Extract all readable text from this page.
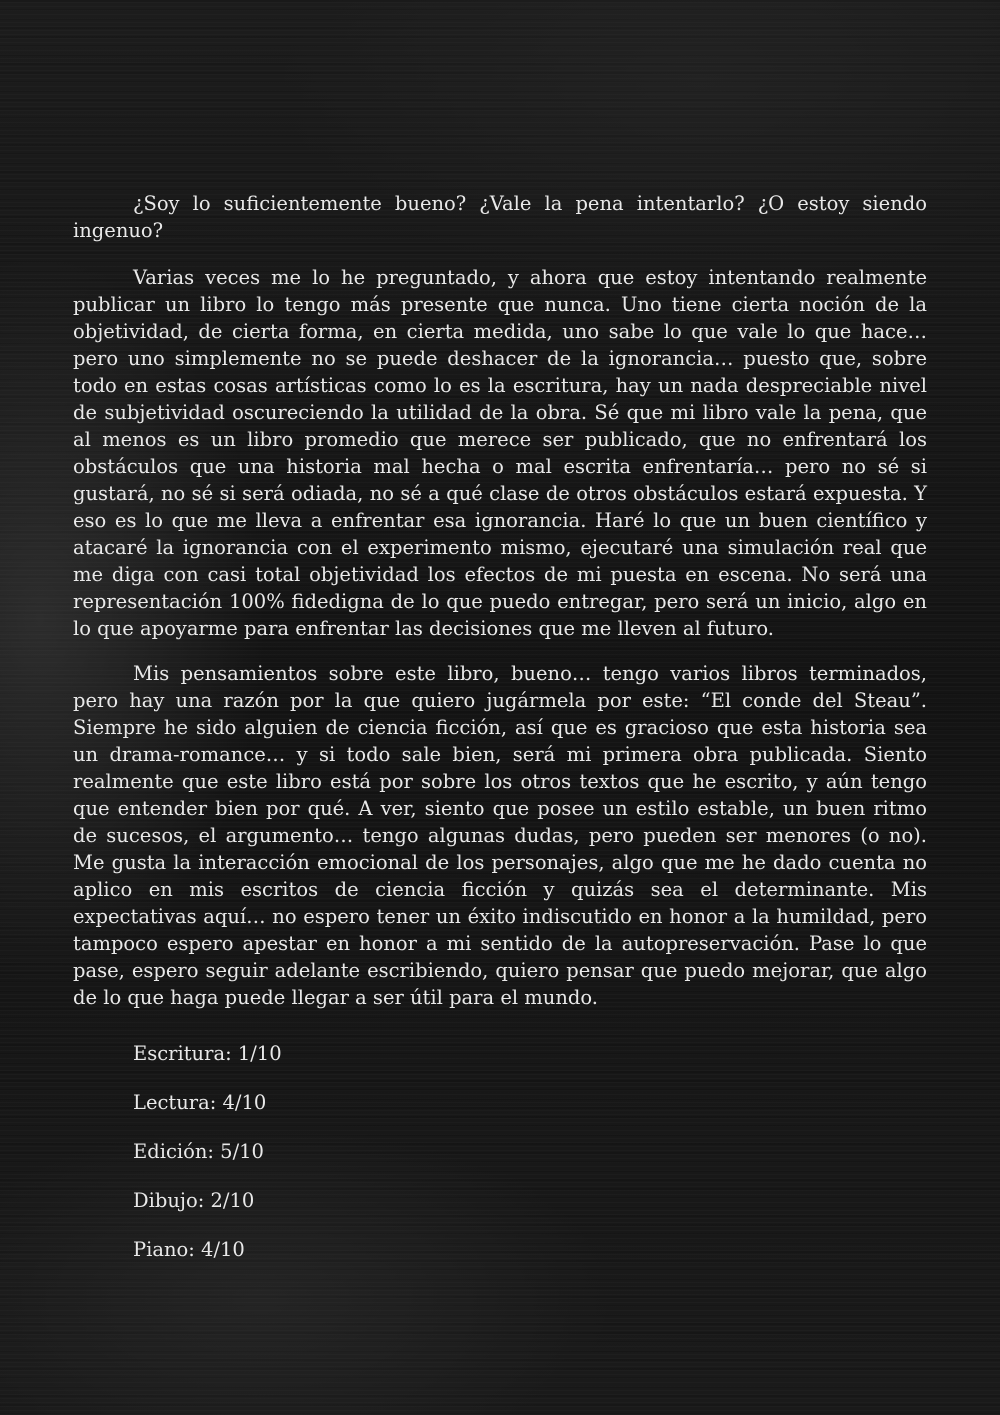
¿Soy lo suficientemente bueno? ¿Vale la pena intentarlo? ¿O estoy siendo ingenuo?

Varias veces me lo he preguntado, y ahora que estoy intentando realmente publicar un libro lo tengo más presente que nunca. Uno tiene cierta noción de la objetividad, de cierta forma, en cierta medida, uno sabe lo que vale lo que hace… pero uno simplemente no se puede deshacer de la ignorancia… puesto que, sobre todo en estas cosas artísticas como lo es la escritura, hay un nada despreciable nivel de subjetividad oscureciendo la utilidad de la obra. Sé que mi libro vale la pena, que al menos es un libro promedio que merece ser publicado, que no enfrentará los obstáculos que una historia mal hecha o mal escrita enfrentaría… pero no sé si gustará, no sé si será odiada, no sé a qué clase de otros obstáculos estará expuesta. Y eso es lo que me lleva a enfrentar esa ignorancia. Haré lo que un buen científico y atacaré la ignorancia con el experimento mismo, ejecutaré una simulación real que me diga con casi total objetividad los efectos de mi puesta en escena. No será una representación 100% fidedigna de lo que puedo entregar, pero será un inicio, algo en lo que apoyarme para enfrentar las decisiones que me lleven al futuro.

Mis pensamientos sobre este libro, bueno… tengo varios libros terminados, pero hay una razón por la que quiero jugármela por este: “El conde del Steau”. Siempre he sido alguien de ciencia ficción, así que es gracioso que esta historia sea un drama-romance… y si todo sale bien, será mi primera obra publicada. Siento realmente que este libro está por sobre los otros textos que he escrito, y aún tengo que entender bien por qué. A ver, siento que posee un estilo estable, un buen ritmo de sucesos, el argumento… tengo algunas dudas, pero pueden ser menores (o no). Me gusta la interacción emocional de los personajes, algo que me he dado cuenta no aplico en mis escritos de ciencia ficción y quizás sea el determinante. Mis expectativas aquí… no espero tener un éxito indiscutido en honor a la humildad, pero tampoco espero apestar en honor a mi sentido de la autopreservación. Pase lo que pase, espero seguir adelante escribiendo, quiero pensar que puedo mejorar, que algo de lo que haga puede llegar a ser útil para el mundo.

Escritura: 1/10
Lectura: 4/10
Edición: 5/10
Dibujo: 2/10
Piano: 4/10
